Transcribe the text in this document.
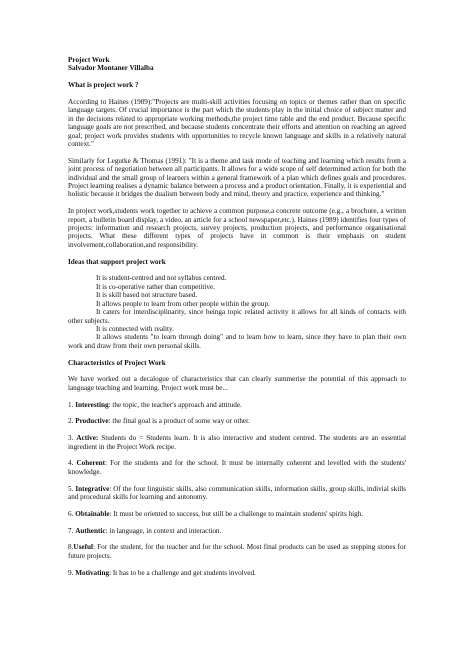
Project Work
Salvador Montaner Villalba
What is project work ?

According to Haines (1989):"Projects are multi-skill activities focusing on topics or themes rather than on specific language targets. Of crucial importance is the part which the students play in the initial choice of subject matter and in the decisions related to appropriate working methods,the project time table and the end product. Because specific language goals are not prescribed, and because students concentrate their efforts and attention on reaching an agreed goal, project work provides students with opportunities to recycle known language and skills in a relatively natural context."

Similarly for Legutke & Thomas (1991): "It is a theme and task mode of teaching and learning which results from a joint process of negotiation between all participants. It allows for a wide scope of self determined action for both the individual and the small group of learners within a general framework of a plan which defines goals and procedures. Project learning realises a dynamic balance between a process and a product orientation. Finally, it is experiential and holistic because it bridges the dualism between body and mind, theory and practice, experience and thinking."

In project work,students work together to achieve a common purpose,a concrete outcome (e.g., a brochure, a written report, a bulletin board display, a video, an article for a school newspaper,etc.). Haines (1989) identifies four types of projects: information and research projects, survey projects, production projects, and performance organisational projects. What these different types of projects have in common is their emphasis on student involvement,collaboration,and responsibility.

Ideas that support project work
It is student-centred and not syllabus centred.
It is co-operative rather than competitive.
It is skill based not structure based.
It allows people to learn from other people within the group.
It caters for interdisciplinarity, since beinga topic related activity it allows for all kinds of contacts with other subjects.
It is connected with reality.
It allows students "to learn through doing" and to learn how to learn, since they have to plan their own work and draw from their own personal skills.
Characteristics of Project Work

We have worked out a decalogue of characteristics that can clearly summerise the potential of this approach to language teaching and learning. Project work must be...

1. Interesting: the topic, the teacher's approach and attitude.
2. Productive: the final goal is a product of some way or other.
3. Active: Students do = Students learn. It is also interactive and student centred. The students are an essential ingredient in the Project Work recipe.
4. Coherent: For the students and for the school. It must be internally coherent and levelled with the students' knowledge.
5. Integrative: Of the four linguistic skills, also communication skills, information skills, group skills, indivial skills and procedural skills for learning and autonomy.
6. Obtainable: It must be oriented to success, but still be a challenge to maintain students' spirits high.
7. Authentic: in language, in context and interaction.
8.Useful: For the student, for the teacher and for the school. Most final products can be used as stepping stones for future projects.
9. Motivating: It has to be a challenge and get students involved.
